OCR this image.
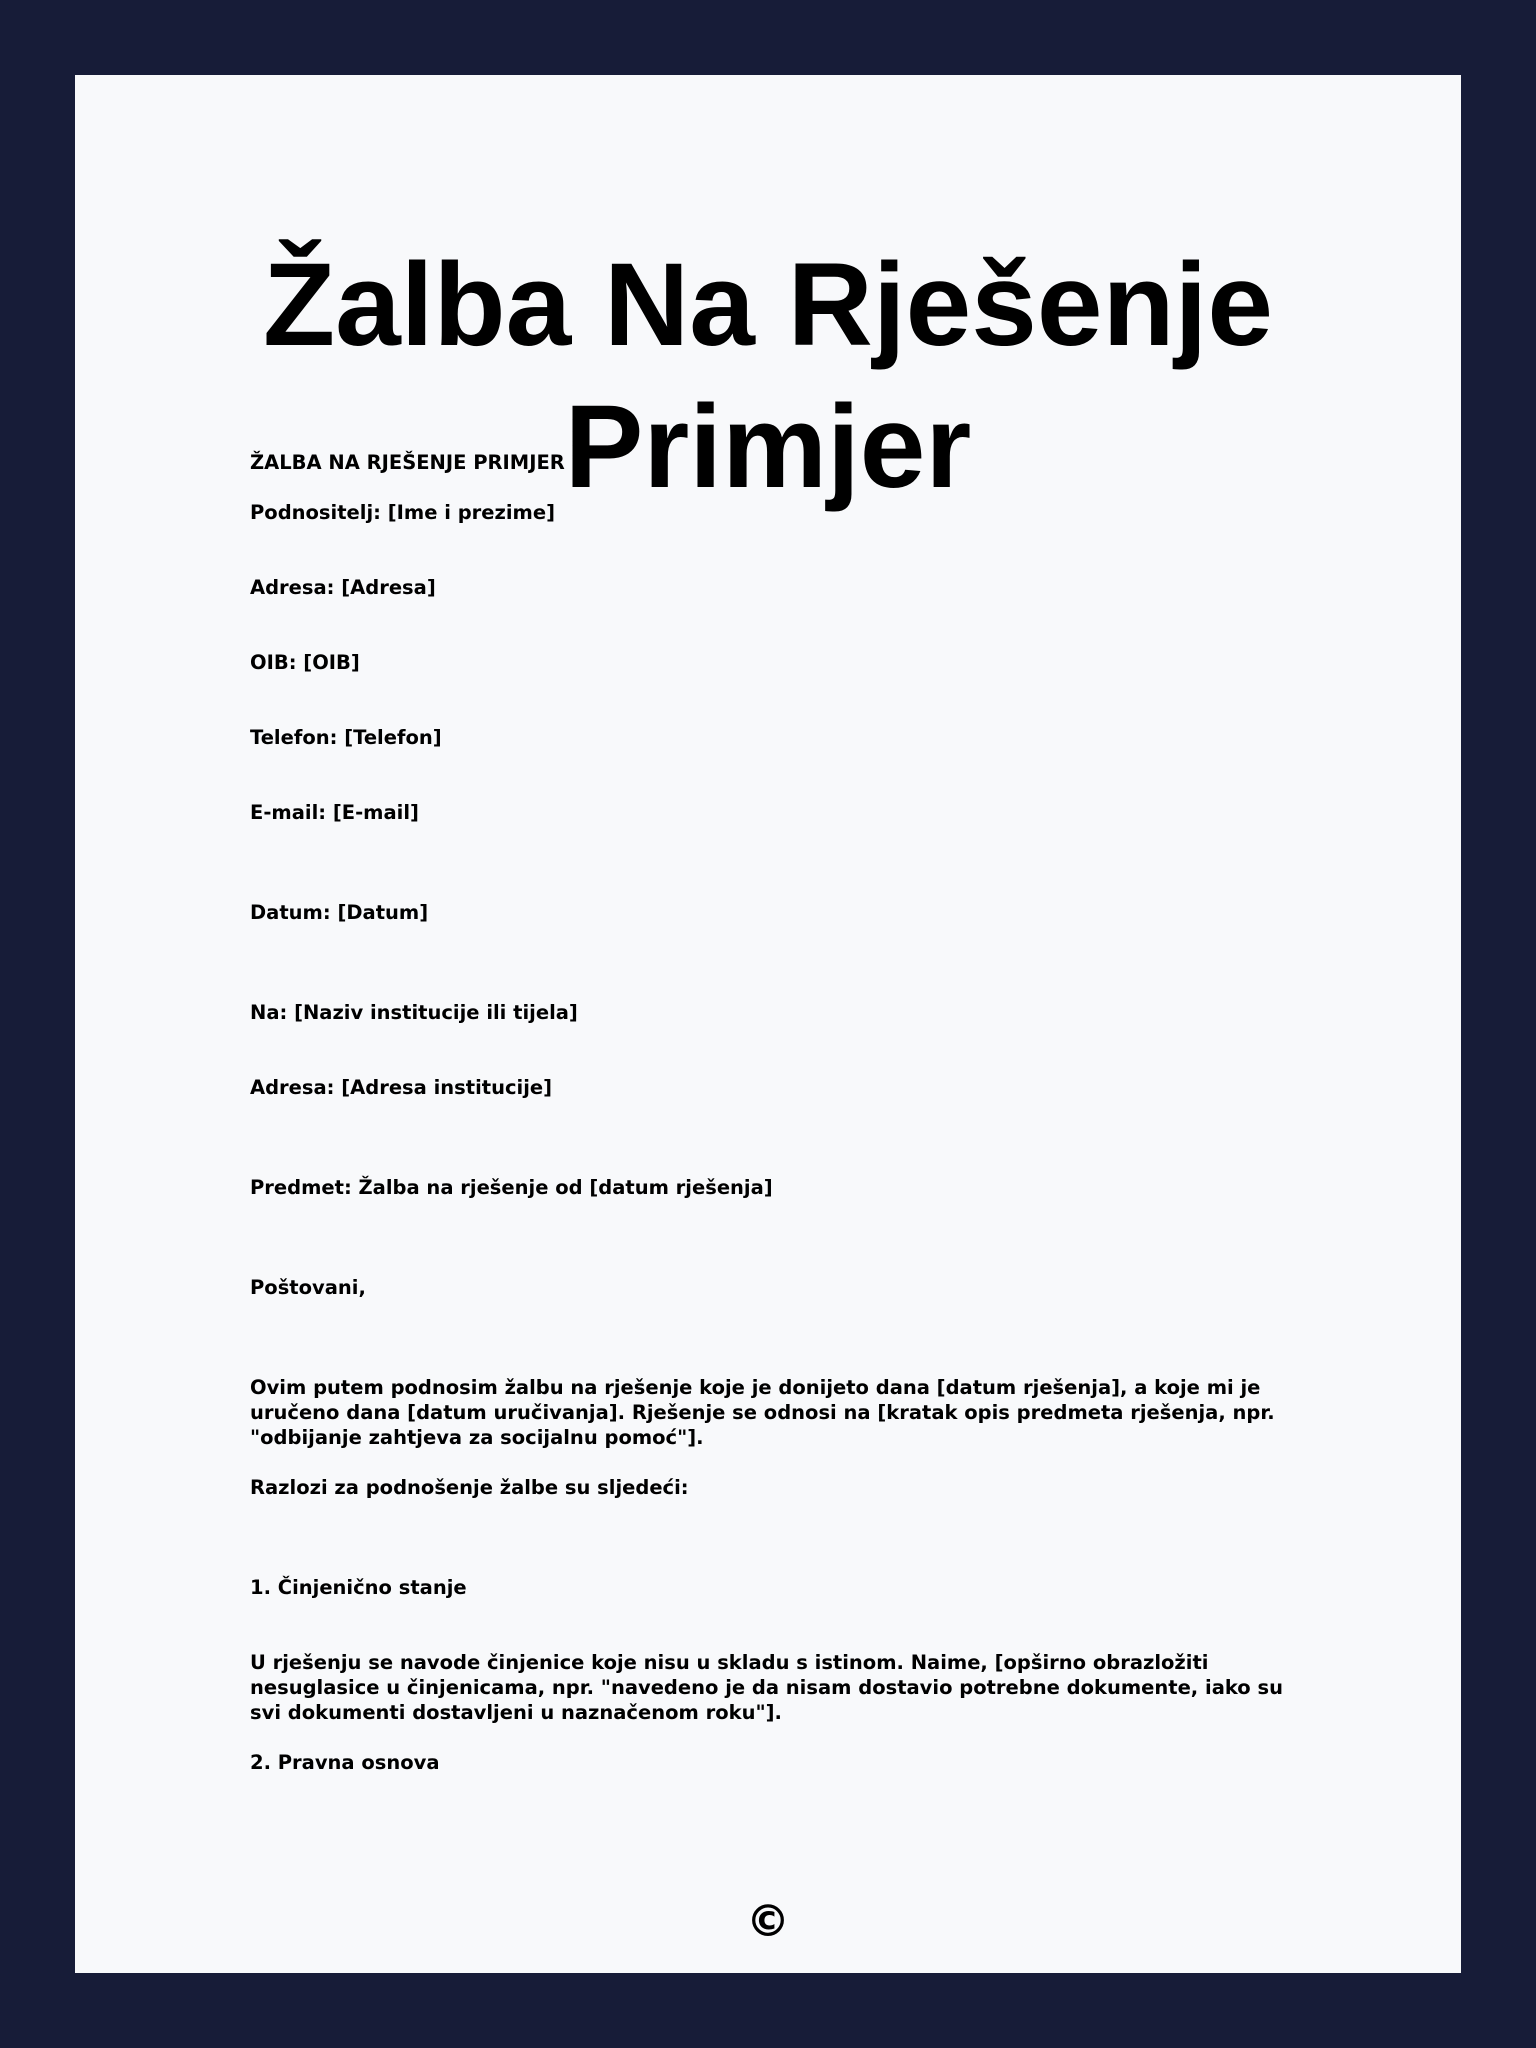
Žalba Na Rješenje Primjer

ŽALBA NA RJEŠENJE PRIMJER

Podnositelj: [Ime i prezime]

Adresa: [Adresa]

OIB: [OIB]

Telefon: [Telefon]

E-mail: [E-mail]

Datum: [Datum]

Na: [Naziv institucije ili tijela]

Adresa: [Adresa institucije]

Predmet: Žalba na rješenje od [datum rješenja]

Poštovani,

Ovim putem podnosim žalbu na rješenje koje je donijeto dana [datum rješenja], a koje mi je uručeno dana [datum uručivanja]. Rješenje se odnosi na [kratak opis predmeta rješenja, npr. "odbijanje zahtjeva za socijalnu pomoć"].

Razlozi za podnošenje žalbe su sljedeći:

1. Činjenično stanje

U rješenju se navode činjenice koje nisu u skladu s istinom. Naime, [opširno obrazložiti nesuglasice u činjenicama, npr. "navedeno je da nisam dostavio potrebne dokumente, iako su svi dokumenti dostavljeni u naznačenom roku"].

2. Pravna osnova

©
